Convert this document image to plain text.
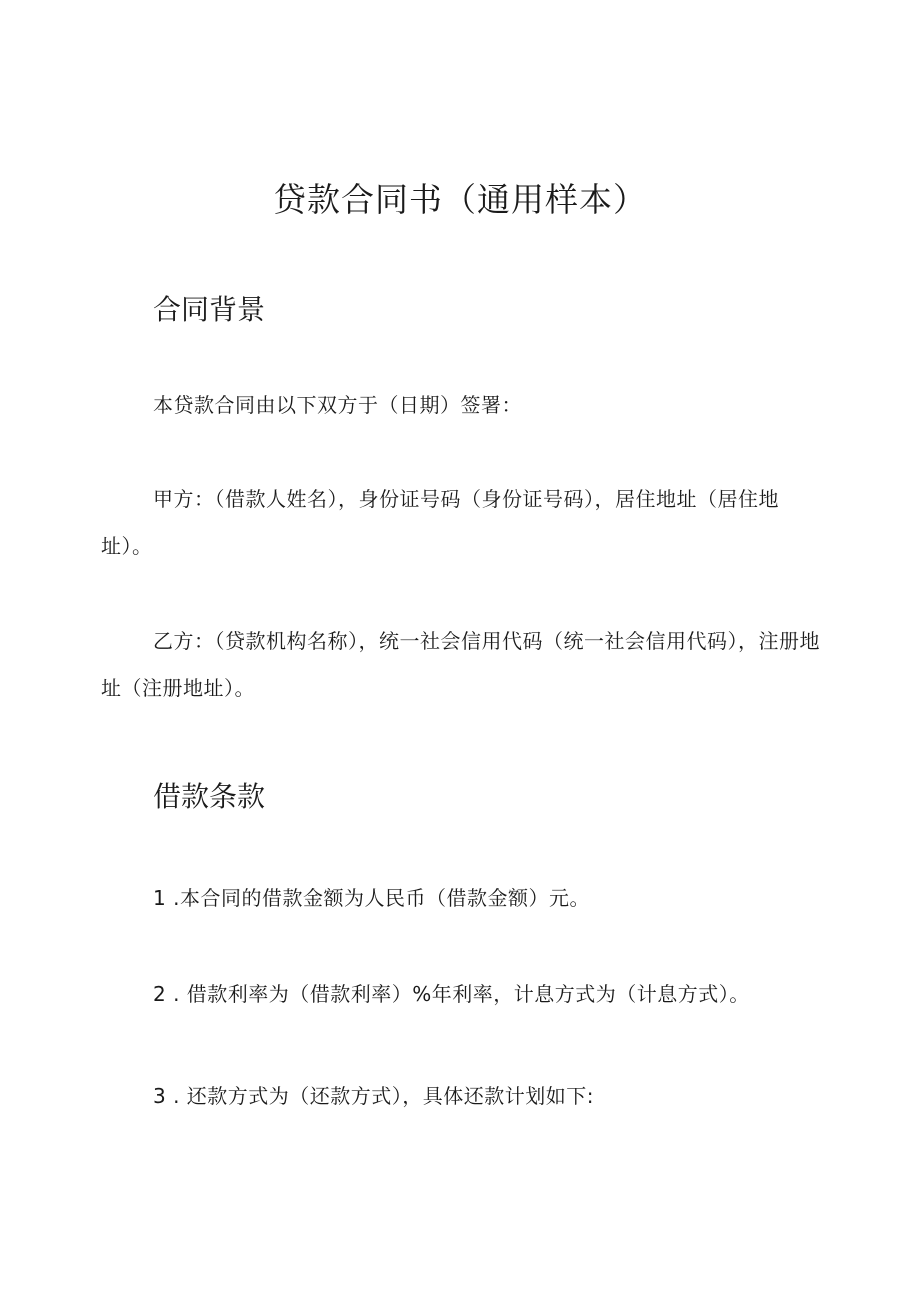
贷款合同书（通用样本）
合同背景

本贷款合同由以下双方于（日期）签署：

甲方：（借款人姓名），身份证号码（身份证号码），居住地址（居住地址）。

乙方：（贷款机构名称），统一社会信用代码（统一社会信用代码），注册地址（注册地址）。

借款条款

1 .本合同的借款金额为人民币（借款金额）元。

2 . 借款利率为（借款利率）%年利率，计息方式为（计息方式）。

3 . 还款方式为（还款方式），具体还款计划如下:
